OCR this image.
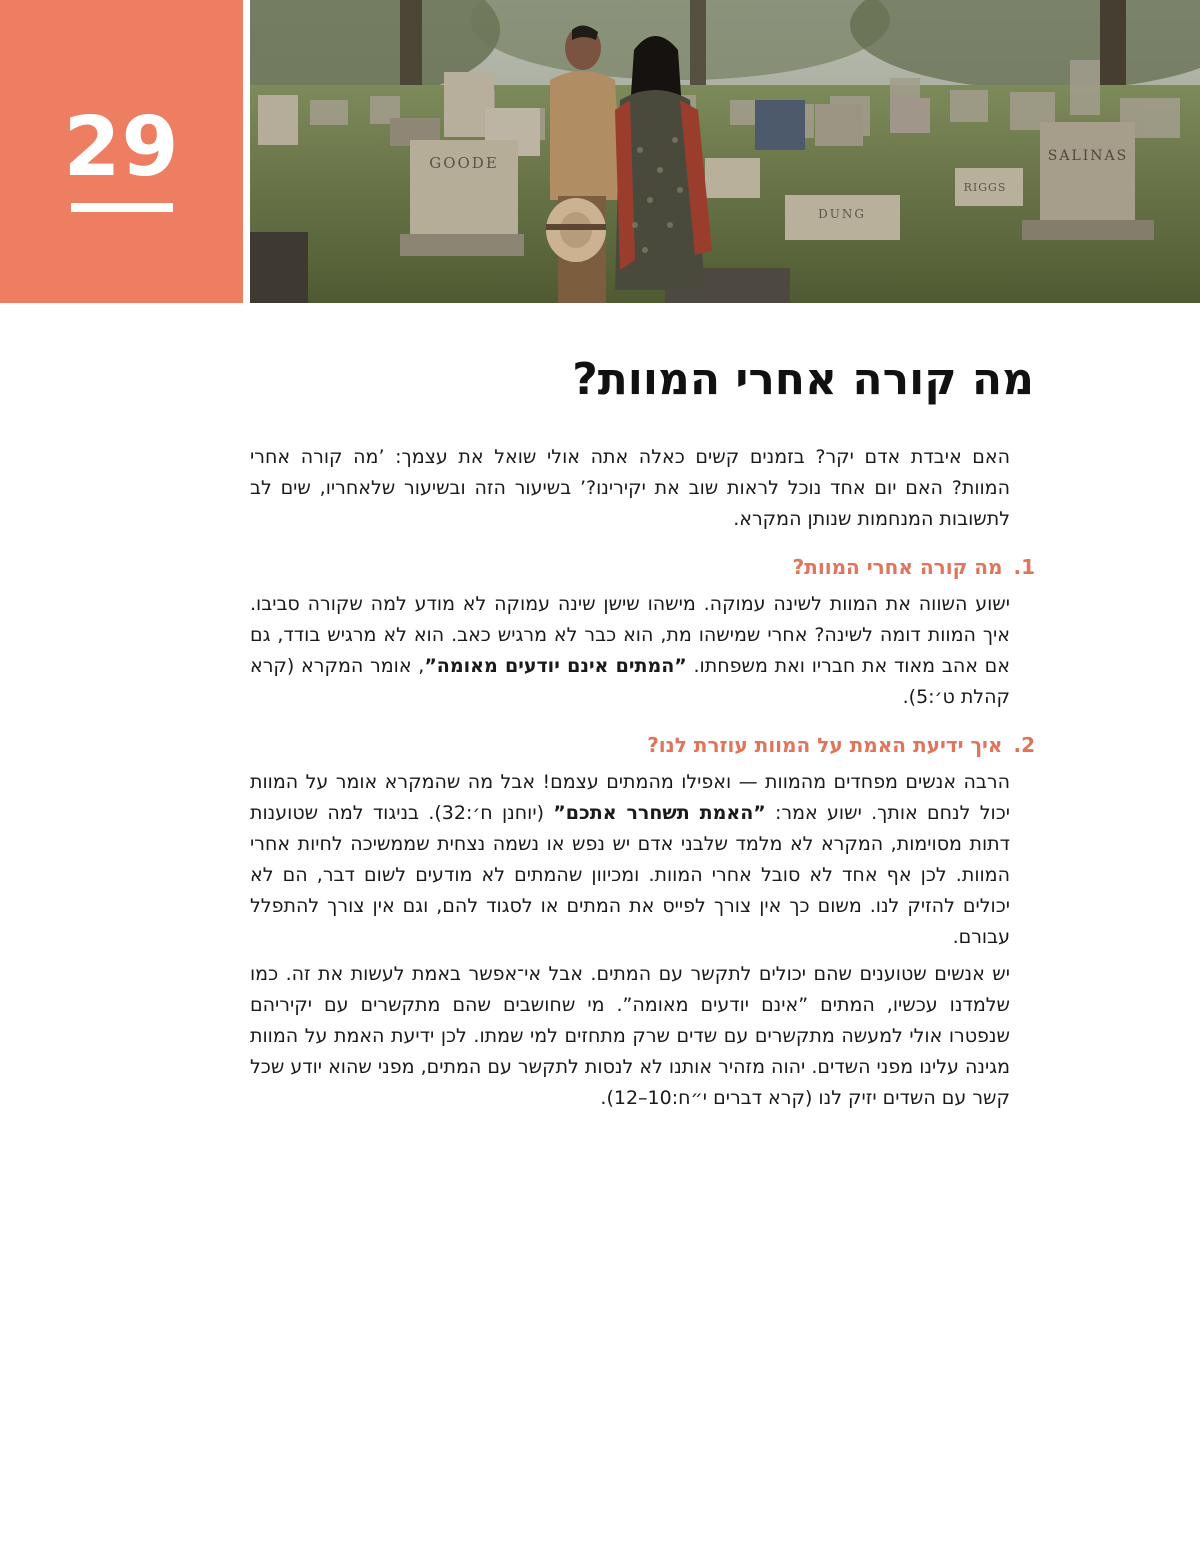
29	GOODE
DUNG
RIGGS
SALINAS
מה קורה אחרי המוות?

האם איבדת אדם יקר? בזמנים קשים כאלה אתה אולי שואל את עצמך: ’מה קורה אחרי המוות? האם יום אחד נוכל לראות שוב את יקירינו?’ בשיעור הזה ובשיעור שלאחריו, שים לב לתשובות המנחמות שנותן המקרא.

1. מה קורה אחרי המוות?

ישוע השווה את המוות לשינה עמוקה. מישהו שישן שינה עמוקה לא מודע למה שקורה סביבו. איך המוות דומה לשינה? אחרי שמישהו מת, הוא כבר לא מרגיש כאב. הוא לא מרגיש בודד, גם אם אהב מאוד את חבריו ואת משפחתו. ”המתים אינם יודעים מאומה”, אומר המקרא (קרא קהלת ט׳:5).

2. איך ידיעת האמת על המוות עוזרת לנו?

הרבה אנשים מפחדים מהמוות — ואפילו מהמתים עצמם! אבל מה שהמקרא אומר על המוות יכול לנחם אותך. ישוע אמר: ”האמת תשחרר אתכם” (יוחנן ח׳:32). בניגוד למה שטוענות דתות מסוימות, המקרא לא מלמד שלבני אדם יש נפש או נשמה נצחית שממשיכה לחיות אחרי המוות. לכן אף אחד לא סובל אחרי המוות. ומכיוון שהמתים לא מודעים לשום דבר, הם לא יכולים להזיק לנו. משום כך אין צורך לפייס את המתים או לסגוד להם, וגם אין צורך להתפלל עבורם.

יש אנשים שטוענים שהם יכולים לתקשר עם המתים. אבל אי־אפשר באמת לעשות את זה. כמו שלמדנו עכשיו, המתים ”אינם יודעים מאומה”. מי שחושבים שהם מתקשרים עם יקיריהם שנפטרו אולי למעשה מתקשרים עם שדים שרק מתחזים למי שמתו. לכן ידיעת האמת על המוות מגינה עלינו מפני השדים. יהוה מזהיר אותנו לא לנסות לתקשר עם המתים, מפני שהוא יודע שכל קשר עם השדים יזיק לנו (קרא דברים י״ח:10–12).
